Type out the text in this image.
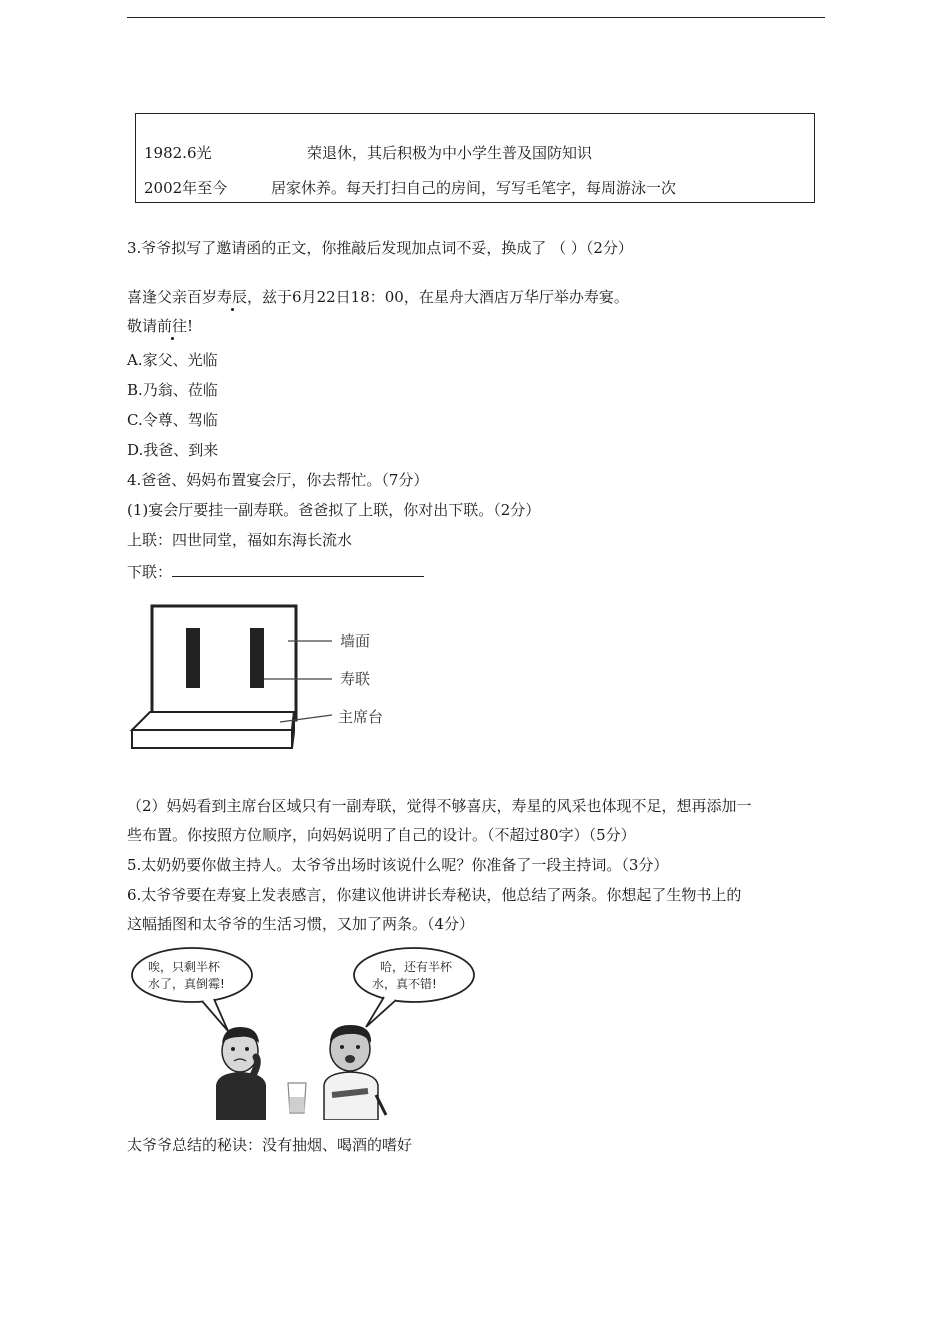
1982.6光	荣退休，其后积极为中小学生普及国防知识
2002年至今	居家休养。每天打扫自己的房间，写写毛笔字，每周游泳一次
3.爷爷拟写了邀请函的正文，你推敲后发现加点词不妥，换成了 （ ）（2分）
喜逢父亲百岁寿辰，兹于6月22日18：00，在星舟大酒店万华厅举办寿宴。
敬请前往!
A.家父、光临
B.乃翁、莅临
C.令尊、驾临
D.我爸、到来
4.爸爸、妈妈布置宴会厅，你去帮忙。（7分）
(1)宴会厅要挂一副寿联。爸爸拟了上联，你对出下联。（2分）
上联：四世同堂，福如东海长流水
下联：
墙面
寿联
主席台
（2）妈妈看到主席台区域只有一副寿联，觉得不够喜庆，寿星的风采也体现不足，想再添加一
些布置。你按照方位顺序，向妈妈说明了自己的设计。（不超过80字）（5分）
5.太奶奶要你做主持人。太爷爷出场时该说什么呢？你准备了一段主持词。（3分）
6.太爷爷要在寿宴上发表感言，你建议他讲讲长寿秘诀，他总结了两条。你想起了生物书上的
这幅插图和太爷爷的生活习惯，又加了两条。（4分）
唉，只剩半杯
水了，真倒霉!
哈，还有半杯
水，真不错!
太爷爷总结的秘诀：没有抽烟、喝酒的嗜好
